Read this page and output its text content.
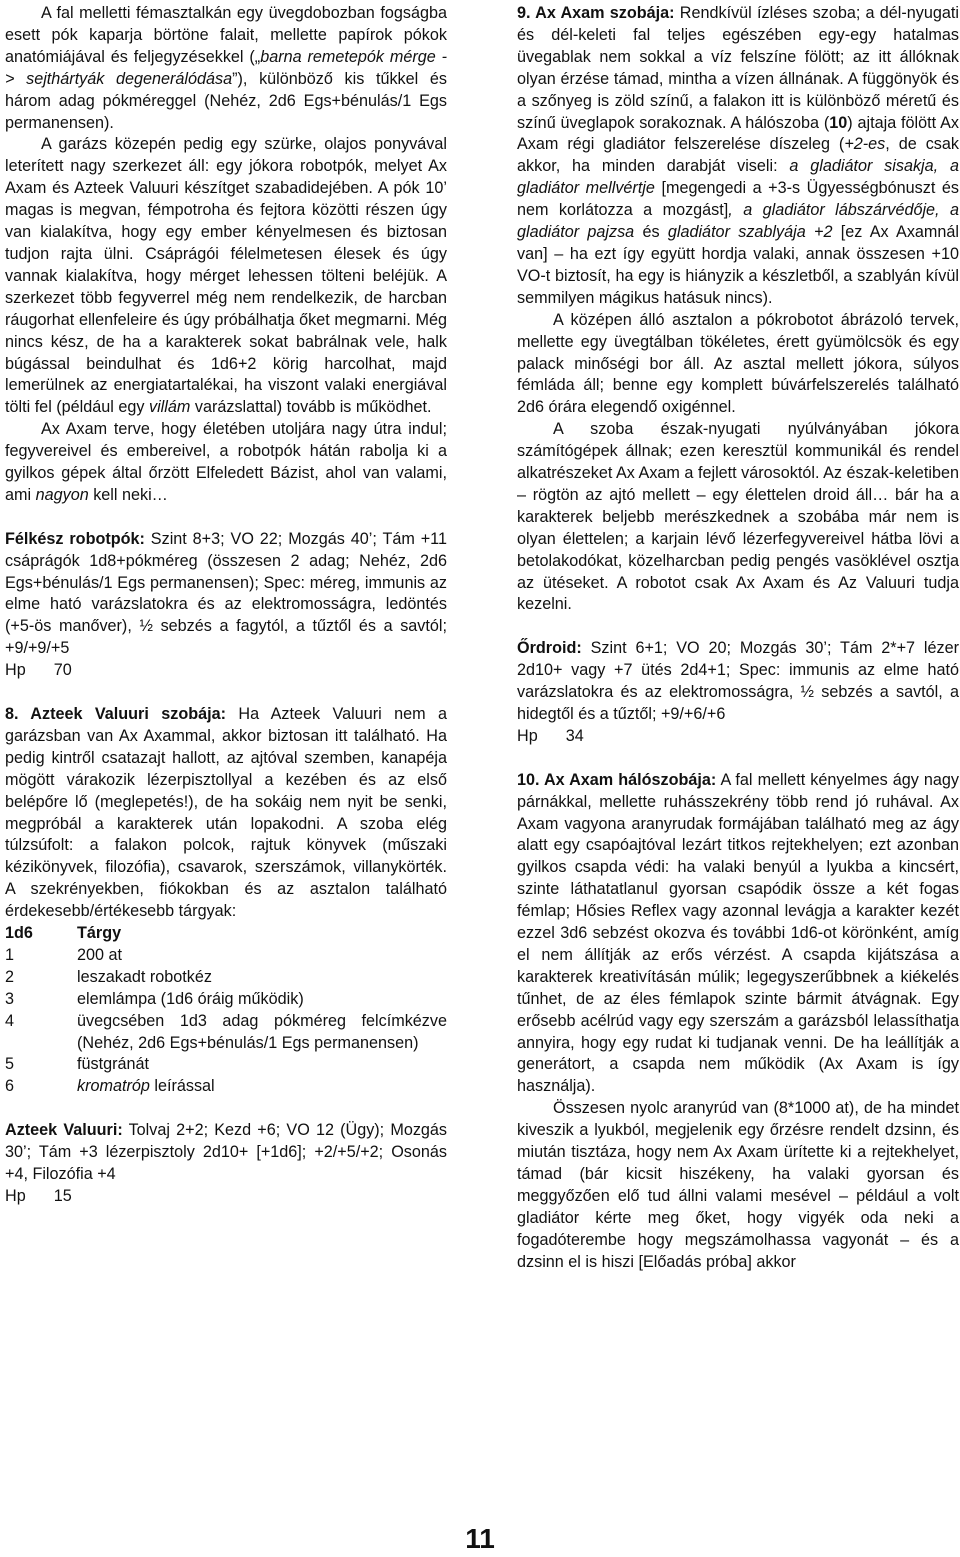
A fal melletti fémasztalkán egy üvegdobozban fogságba esett pók kaparja börtöne falait, mellette papírok pókok anatómiájával és feljegyzésekkel („barna remetepók mérge -> sejthártyák degenerálódása”), különböző kis tűkkel és három adag pókméreggel (Nehéz, 2d6 Egs+bénulás/1 Egs permanensen).

A garázs közepén pedig egy szürke, olajos ponyvával leterített nagy szerkezet áll: egy jókora robotpók, melyet Ax Axam és Azteek Valuuri készítget szabadidejében. A pók 10’ magas is megvan, fémpotroha és fejtora közötti részen úgy van kialakítva, hogy egy ember kényelmesen és biztosan tudjon rajta ülni. Csáprágói félelmetesen élesek és úgy vannak kialakítva, hogy mérget lehessen tölteni beléjük. A szerkezet több fegyverrel még nem rendelkezik, de harcban ráugorhat ellenfeleire és úgy próbálhatja őket megmarni. Még nincs kész, de ha a karakterek sokat babrálnak vele, halk búgással beindulhat és 1d6+2 körig harcolhat, majd lemerülnek az energiatartalékai, ha viszont valaki energiával tölti fel (például egy villám varázslattal) tovább is működhet.

Ax Axam terve, hogy életében utoljára nagy útra indul; fegyvereivel és embereivel, a robotpók hátán rabolja ki a gyilkos gépek által őrzött Elfeledett Bázist, ahol van valami, ami nagyon kell neki…

Félkész robotpók: Szint 8+3; VO 22; Mozgás 40’; Tám +11 csáprágók 1d8+pókméreg (összesen 2 adag; Nehéz, 2d6 Egs+bénulás/1 Egs permanensen); Spec: méreg, immunis az elme ható varázslatokra és az elektromosságra, ledöntés (+5-ös manőver), ½ sebzés a fagytól, a tűztől és a savtól; +9/+9/+5

Hp 70

8. Azteek Valuuri szobája: Ha Azteek Valuuri nem a garázsban van Ax Axammal, akkor biztosan itt található. Ha pedig kintről csatazajt hallott, az ajtóval szemben, kanapéja mögött várakozik lézerpisztollyal a kezében és az első belépőre lő (meglepetés!), de ha sokáig nem nyit be senki, megpróbál a karakterek után lopakodni. A szoba elég túlzsúfolt: a falakon polcok, rajtuk könyvek (műszaki kézikönyvek, filozófia), csavarok, szerszámok, villanykörték. A szekrényekben, fiókokban és az asztalon található érdekesebb/értékesebb tárgyak:

1d6	Tárgy
1	200 at
2	leszakadt robotkéz
3	elemlámpa (1d6 óráig működik)
4	üvegcsében 1d3 adag pókméreg felcímkézve (Nehéz, 2d6 Egs+bénulás/1 Egs permanensen)
5	füstgránát
6	kromatróp leírással

Azteek Valuuri: Tolvaj 2+2; Kezd +6; VO 12 (Ügy); Mozgás 30’; Tám +3 lézerpisztoly 2d10+ [+1d6]; +2/+5/+2; Osonás +4, Filozófia +4

Hp 15

9. Ax Axam szobája: Rendkívül ízléses szoba; a dél-nyugati és dél-keleti fal teljes egészében egy-egy hatalmas üvegablak nem sokkal a víz felszíne fölött; az itt állóknak olyan érzése támad, mintha a vízen állnának. A függönyök és a szőnyeg is zöld színű, a falakon itt is különböző méretű és színű üveglapok sorakoznak. A hálószoba (10) ajtaja fölött Ax Axam régi gladiátor felszerelése díszeleg (+2-es, de csak akkor, ha minden darabját viseli: a gladiátor sisakja, a gladiátor mellvértje [megengedi a +3-s Ügyességbónuszt és nem korlátozza a mozgást], a gladiátor lábszárvédője, a gladiátor pajzsa és gladiátor szablyája +2 [ez Ax Axamnál van] – ha ezt így együtt hordja valaki, annak összesen +10 VO-t biztosít, ha egy is hiányzik a készletből, a szablyán kívül semmilyen mágikus hatásuk nincs).

A középen álló asztalon a pókrobotot ábrázoló tervek, mellette egy üvegtálban tökéletes, érett gyümölcsök és egy palack minőségi bor áll. Az asztal mellett jókora, súlyos fémláda áll; benne egy komplett búvárfelszerelés található 2d6 órára elegendő oxigénnel.

A szoba észak-nyugati nyúlványában jókora számítógépek állnak; ezen keresztül kommunikál és rendel alkatrészeket Ax Axam a fejlett városoktól. Az észak-keletiben – rögtön az ajtó mellett – egy élettelen droid áll… bár ha a karakterek beljebb merészkednek a szobába már nem is olyan élettelen; a karjain lévő lézerfegyvereivel hátba lövi a betolakodókat, közelharcban pedig pengés vasöklével osztja az ütéseket. A robotot csak Ax Axam és Az Valuuri tudja kezelni.

Őrdroid: Szint 6+1; VO 20; Mozgás 30’; Tám 2*+7 lézer 2d10+ vagy +7 ütés 2d4+1; Spec: immunis az elme ható varázslatokra és az elektromosságra, ½ sebzés a savtól, a hidegtől és a tűztől; +9/+6/+6

Hp 34

10. Ax Axam hálószobája: A fal mellett kényelmes ágy nagy párnákkal, mellette ruhásszekrény több rend jó ruhával. Ax Axam vagyona aranyrudak formájában található meg az ágy alatt egy csapóajtóval lezárt titkos rejtekhelyen; ezt azonban gyilkos csapda védi: ha valaki benyúl a lyukba a kincsért, szinte láthatatlanul gyorsan csapódik össze a két fogas fémlap; Hősies Reflex vagy azonnal levágja a karakter kezét ezzel 3d6 sebzést okozva és további 1d6-ot körönként, amíg el nem állítják az erős vérzést. A csapda kijátszása a karakterek kreativításán múlik; legegyszerűbbnek a kiékelés tűnhet, de az éles fémlapok szinte bármit átvágnak. Egy erősebb acélrúd vagy egy szerszám a garázsból lelassíthatja annyira, hogy egy rudat ki tudjanak venni. De ha leállítják a generátort, a csapda nem működik (Ax Axam is így használja).

Összesen nyolc aranyrúd van (8*1000 at), de ha mindet kiveszik a lyukból, megjelenik egy őrzésre rendelt dzsinn, és miután tisztáza, hogy nem Ax Axam ürítette ki a rejtekhelyet, támad (bár kicsit hiszékeny, ha valaki gyorsan és meggyőzően elő tud állni valami mesével – például a volt gladiátor kérte meg őket, hogy vigyék oda neki a fogadóterembe hogy megszámolhassa vagyonát – és a dzsinn el is hiszi [Előadás próba] akkor

11
